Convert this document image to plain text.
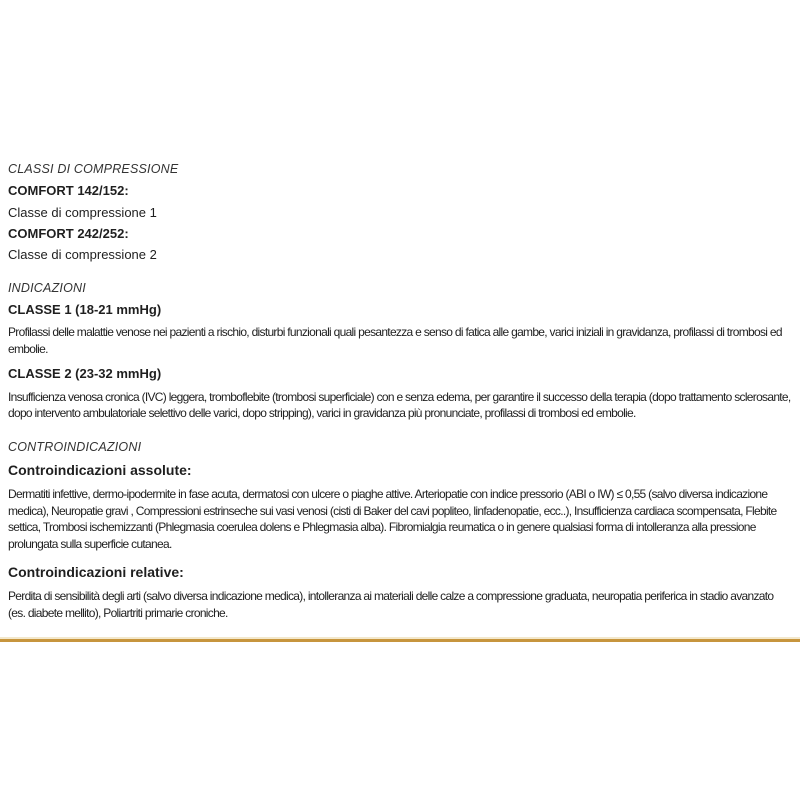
CLASSI DI COMPRESSIONE

COMFORT 142/152:

Classe di compressione 1

COMFORT 242/252:

Classe di compressione 2

INDICAZIONI

CLASSE 1 (18-21 mmHg)

Profilassi delle malattie venose nei pazienti a rischio, disturbi funzionali quali pesantezza e senso di fatica alle gambe, varici iniziali in gravidanza, profilassi di trombosi ed embolie.

CLASSE 2 (23-32 mmHg)

Insufficienza venosa cronica (IVC) leggera, tromboflebite (trombosi superficiale) con e senza edema, per garantire il successo della terapia (dopo trattamento sclerosante, dopo intervento ambulatoriale selettivo delle varici, dopo stripping), varici in gravidanza più pronunciate, profilassi di trombosi ed embolie.

CONTROINDICAZIONI

Controindicazioni assolute:

Dermatiti infettive, dermo-ipodermite in fase acuta, dermatosi con ulcere o piaghe attive. Arteriopatie con indice pressorio (ABI o IW) ≤ 0,55 (salvo diversa indicazione medica), Neuropatie gravi , Compressioni estrinseche sui vasi venosi (cisti di Baker del cavi popliteo, linfadenopatie, ecc..), Insufficienza cardiaca scompensata, Flebite settica, Trombosi ischemizzanti (Phlegmasia coerulea dolens e Phlegmasia alba). Fibromialgia reumatica o in genere qualsiasi forma di intolleranza alla pressione prolungata sulla superficie cutanea.

Controindicazioni relative:

Perdita di sensibilità degli arti (salvo diversa indicazione medica), intolleranza ai materiali delle calze a compressione graduata, neuropatia periferica in stadio avanzato (es. diabete mellito), Poliartriti primarie croniche.
